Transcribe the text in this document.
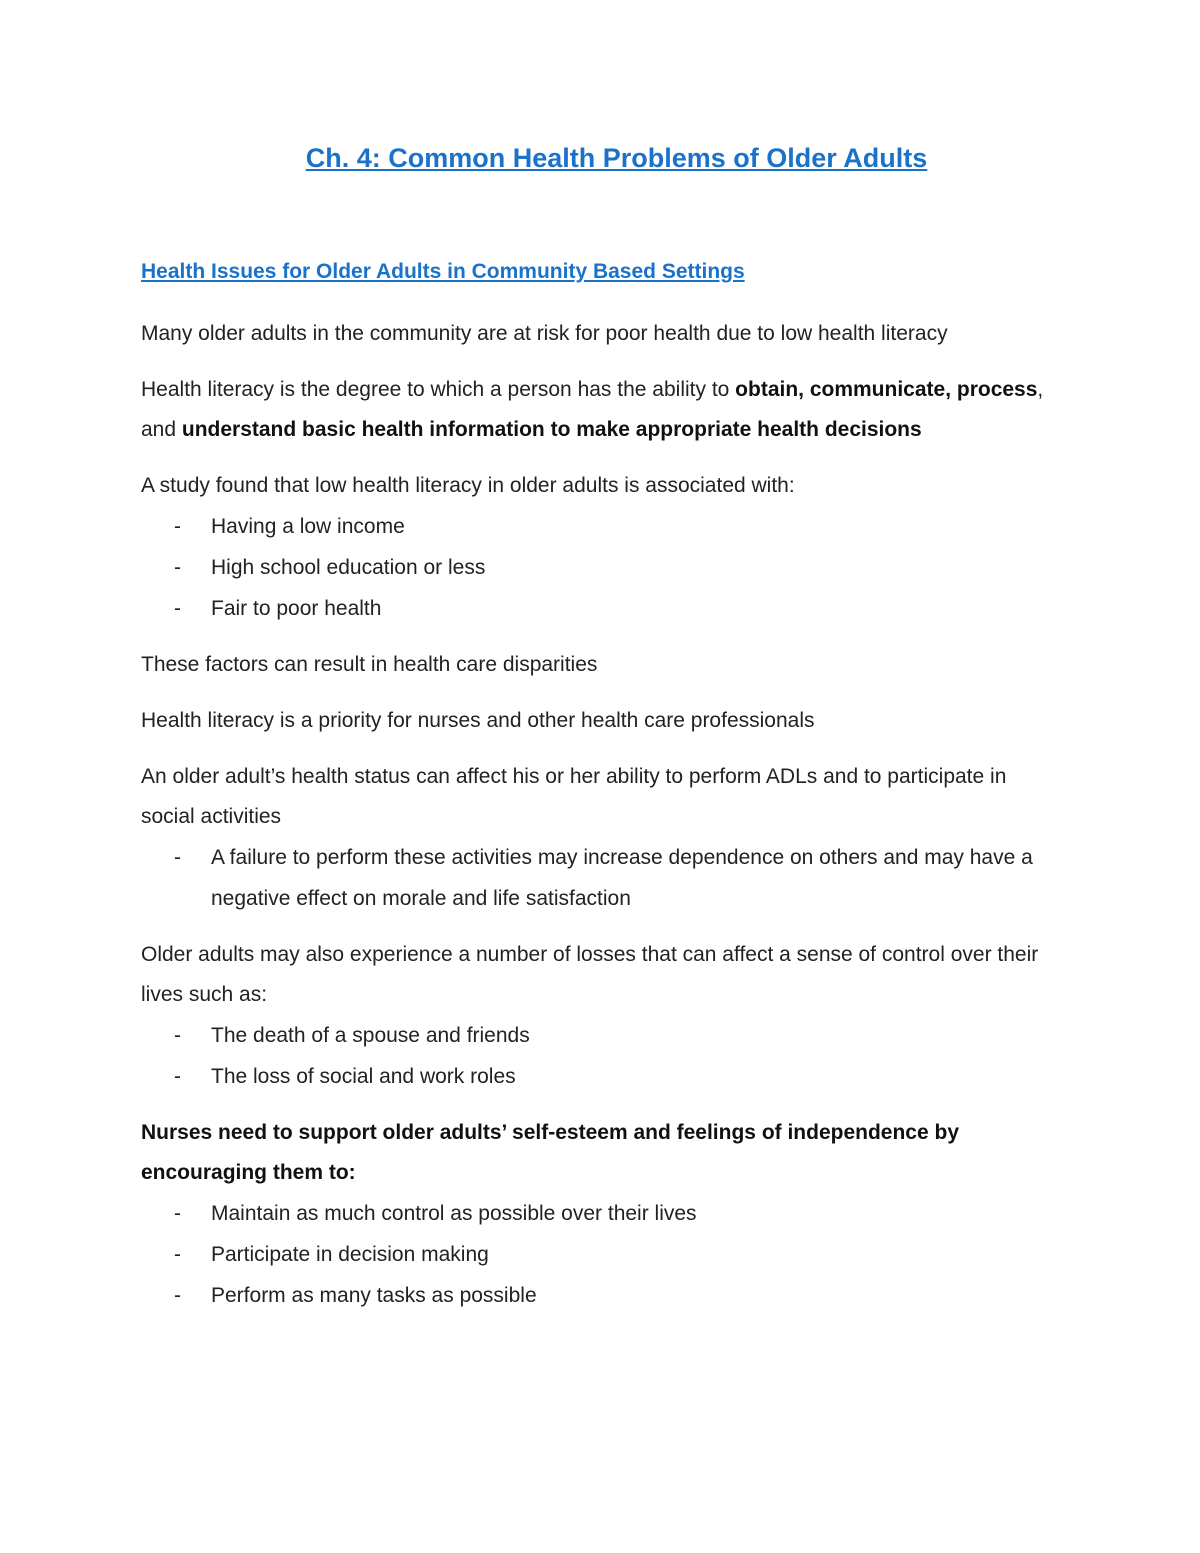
Ch. 4: Common Health Problems of Older Adults
Health Issues for Older Adults in Community Based Settings

Many older adults in the community are at risk for poor health due to low health literacy

Health literacy is the degree to which a person has the ability to obtain, communicate, process, and understand basic health information to make appropriate health decisions

A study found that low health literacy in older adults is associated with:

- Having a low income
- High school education or less
- Fair to poor health

These factors can result in health care disparities

Health literacy is a priority for nurses and other health care professionals

An older adult’s health status can affect his or her ability to perform ADLs and to participate in social activities

- A failure to perform these activities may increase dependence on others and may have a negative effect on morale and life satisfaction

Older adults may also experience a number of losses that can affect a sense of control over their lives such as:

- The death of a spouse and friends
- The loss of social and work roles

Nurses need to support older adults’ self-esteem and feelings of independence by encouraging them to:

- Maintain as much control as possible over their lives
- Participate in decision making
- Perform as many tasks as possible
